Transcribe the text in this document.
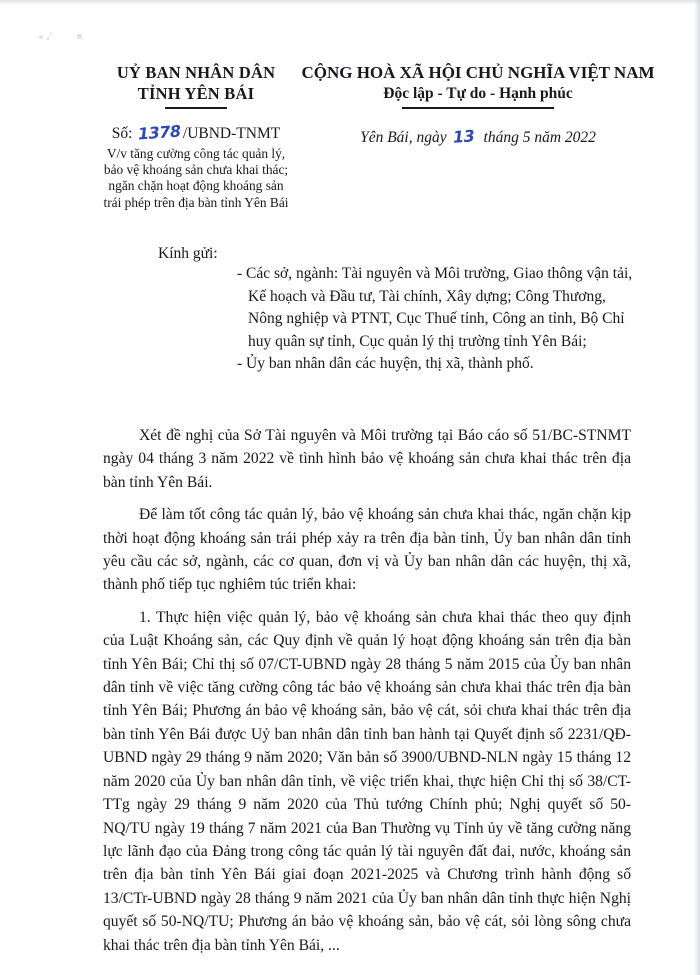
UỶ BAN NHÂN DÂN
TỈNH YÊN BÁI
Số: 1378/UBND-TNMT
V/v tăng cường công tác quản lý,
bảo vệ khoáng sản chưa khai thác;
ngăn chặn hoạt động khoáng sản
trái phép trên địa bàn tỉnh Yên Bái
CỘNG HOÀ XÃ HỘI CHỦ NGHĨA VIỆT NAM
Độc lập - Tự do - Hạnh phúc
Yên Bái, ngày 13 tháng 5 năm 2022
Kính gửi:
- Các sở, ngành: Tài nguyên và Môi trường, Giao thông vận tải, Kế hoạch và Đầu tư, Tài chính, Xây dựng; Công Thương, Nông nghiệp và PTNT, Cục Thuế tỉnh, Công an tỉnh, Bộ Chỉ huy quân sự tỉnh, Cục quản lý thị trường tỉnh Yên Bái;
- Ủy ban nhân dân các huyện, thị xã, thành phố.

Xét đề nghị của Sở Tài nguyên và Môi trường tại Báo cáo số 51/BC-STNMT ngày 04 tháng 3 năm 2022 về tình hình bảo vệ khoáng sản chưa khai thác trên địa bàn tỉnh Yên Bái.

Để làm tốt công tác quản lý, bảo vệ khoáng sản chưa khai thác, ngăn chặn kịp thời hoạt động khoáng sản trái phép xảy ra trên địa bàn tỉnh, Ủy ban nhân dân tỉnh yêu cầu các sở, ngành, các cơ quan, đơn vị và Ủy ban nhân dân các huyện, thị xã, thành phố tiếp tục nghiêm túc triển khai:

1. Thực hiện việc quản lý, bảo vệ khoáng sản chưa khai thác theo quy định của Luật Khoáng sản, các Quy định về quản lý hoạt động khoáng sản trên địa bàn tỉnh Yên Bái; Chỉ thị số 07/CT-UBND ngày 28 tháng 5 năm 2015 của Ủy ban nhân dân tỉnh về việc tăng cường công tác bảo vệ khoáng sản chưa khai thác trên địa bàn tỉnh Yên Bái; Phương án bảo vệ khoáng sản, bảo vệ cát, sỏi chưa khai thác trên địa bàn tỉnh Yên Bái được Uỷ ban nhân dân tỉnh ban hành tại Quyết định số 2231/QĐ-UBND ngày 29 tháng 9 năm 2020; Văn bản số 3900/UBND-NLN ngày 15 tháng 12 năm 2020 của Ủy ban nhân dân tỉnh, về việc triển khai, thực hiện Chỉ thị số 38/CT-TTg ngày 29 tháng 9 năm 2020 của Thủ tướng Chính phủ; Nghị quyết số 50-NQ/TU ngày 19 tháng 7 năm 2021 của Ban Thường vụ Tỉnh ủy về tăng cường năng lực lãnh đạo của Đảng trong công tác quản lý tài nguyên đất đai, nước, khoáng sản trên địa bàn tỉnh Yên Bái giai đoạn 2021-2025 và Chương trình hành động số 13/CTr-UBND ngày 28 tháng 9 năm 2021 của Ủy ban nhân dân tỉnh thực hiện Nghị quyết số 50-NQ/TU; Phương án bảo vệ khoáng sản, bảo vệ cát, sỏi lòng sông chưa khai thác trên địa bàn tỉnh Yên Bái, ...
